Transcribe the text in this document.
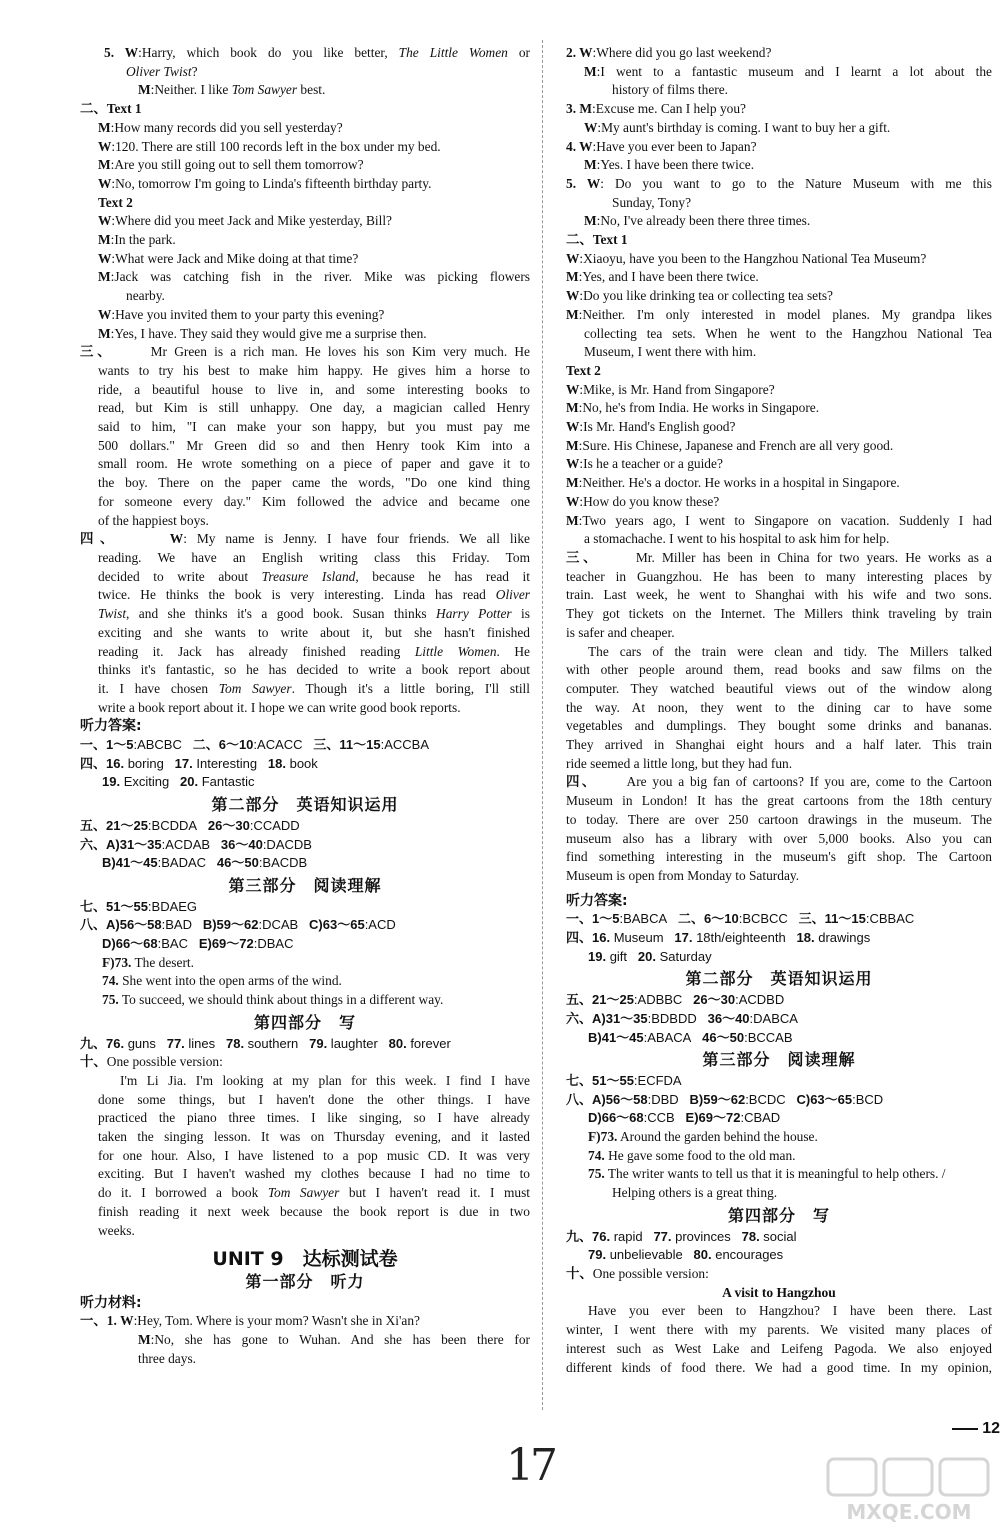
5. W:Harry, which book do you like better, The Little Women or
Oliver Twist?
M:Neither. I like Tom Sawyer best.
二、Text 1
M:How many records did you sell yesterday?
W:120. There are still 100 records left in the box under my bed.
M:Are you still going out to sell them tomorrow?
W:No, tomorrow I'm going to Linda's fifteenth birthday party.
Text 2
W:Where did you meet Jack and Mike yesterday, Bill?
M:In the park.
W:What were Jack and Mike doing at that time?
M:Jack was catching fish in the river. Mike was picking flowers
nearby.
W:Have you invited them to your party this evening?
M:Yes, I have. They said they would give me a surprise then.
三、     Mr Green is a rich man. He loves his son Kim very much. He
wants to try his best to make him happy. He gives him a horse to
ride, a beautiful house to live in, and some interesting books to
read, but Kim is still unhappy. One day, a magician called Henry
said to him, "I can make your son happy, but you must pay me
500 dollars." Mr Green did so and then Henry took Kim into a
small room. He wrote something on a piece of paper and gave it to
the boy. There on the paper came the words, "Do one kind thing
for someone every day." Kim followed the advice and became one
of the happiest boys.
四、	W: My name is Jenny. I have four friends. We all like
reading. We have an English writing class this Friday. Tom
decided to write about Treasure Island, because he has read it
twice. He thinks the book is very interesting. Linda has read Oliver
Twist, and she thinks it's a good book. Susan thinks Harry Potter is
exciting and she wants to write about it, but she hasn't finished
reading it. Jack has already finished reading Little Women. He
thinks it's fantastic, so he has decided to write a book report about
it. I have chosen Tom Sawyer. Though it's a little boring, I'll still
write a book report about it. I hope we can write good book reports.
听力答案:
一、1～5:ABCBC   二、6～10:ACACC   三、11～15:ACCBA
四、16. boring   17. Interesting   18. book
19. Exciting   20. Fantastic
第二部分　英语知识运用
五、21～25:BCDDA   26～30:CCADD
六、A)31～35:ACDAB   36～40:DACDB
B)41～45:BADAC   46～50:BACDB
第三部分　阅读理解
七、51～55:BDAEG
八、A)56～58:BAD   B)59～62:DCAB   C)63～65:ACD
D)66～68:BAC   E)69～72:DBAC
F)73. The desert.
74. She went into the open arms of the wind.
75. To succeed, we should think about things in a different way.
第四部分　写
九、76. guns   77. lines   78. southern   79. laughter   80. forever
十、One possible version:
I'm Li Jia. I'm looking at my plan for this week. I find I have
done some things, but I haven't done the other things. I have
practiced the piano three times. I like singing, so I have already
taken the singing lesson. It was on Thursday evening, and it lasted
for one hour. Also, I have listened to a pop music CD. It was very
exciting. But I haven't washed my clothes because I had no time to
do it. I borrowed a book Tom Sawyer but I haven't read it. I must
finish reading it next week because the book report is due in two
weeks.
UNIT 9　达标测试卷
第一部分　听力
听力材料:
一、1. W:Hey, Tom. Where is your mom? Wasn't she in Xi'an?
M:No, she has gone to Wuhan. And she has been there for
three days.
2. W:Where did you go last weekend?
M:I went to a fantastic museum and I learnt a lot about the
history of films there.
3. M:Excuse me. Can I help you?
W:My aunt's birthday is coming. I want to buy her a gift.
4. W:Have you ever been to Japan?
M:Yes. I have been there twice.
5. W: Do you want to go to the Nature Museum with me this
Sunday, Tony?
M:No, I've already been there three times.
二、Text 1
W:Xiaoyu, have you been to the Hangzhou National Tea Museum?
M:Yes, and I have been there twice.
W:Do you like drinking tea or collecting tea sets?
M:Neither. I'm only interested in model planes. My grandpa likes
collecting tea sets. When he went to the Hangzhou National Tea
Museum, I went there with him.
Text 2
W:Mike, is Mr. Hand from Singapore?
M:No, he's from India. He works in Singapore.
W:Is Mr. Hand's English good?
M:Sure. His Chinese, Japanese and French are all very good.
W:Is he a teacher or a guide?
M:Neither. He's a doctor. He works in a hospital in Singapore.
W:How do you know these?
M:Two years ago, I went to Singapore on vacation. Suddenly I had
a stomachache. I went to his hospital to ask him for help.
三、     Mr. Miller has been in China for two years. He works as a
teacher in Guangzhou. He has been to many interesting places by
train. Last week, he went to Shanghai with his wife and two sons.
They got tickets on the Internet. The Millers think traveling by train
is safer and cheaper.
The cars of the train were clean and tidy. The Millers talked
with other people around them, read books and saw films on the
computer. They watched beautiful views out of the window along
the way. At noon, they went to the dining car to have some
vegetables and dumplings. They bought some drinks and bananas.
They arrived in Shanghai eight hours and a half later. This train
ride seemed a little long, but they had fun.
四、     Are you a big fan of cartoons? If you are, come to the Cartoon
Museum in London! It has the great cartoons from the 18th century
to today. There are over 250 cartoon drawings in the museum. The
museum also has a library with over 5,000 books. Also you can
find something interesting in the museum's gift shop. The Cartoon
Museum is open from Monday to Saturday.
听力答案:
一、1～5:BABCA   二、6～10:BCBCC   三、11～15:CBBAC
四、16. Museum   17. 18th/eighteenth   18. drawings
19. gift   20. Saturday
第二部分　英语知识运用
五、21～25:ADBBC   26～30:ACDBD
六、A)31～35:BDBDD   36～40:DABCA
B)41～45:ABACA   46～50:BCCAB
第三部分　阅读理解
七、51～55:ECFDA
八、A)56～58:DBD   B)59～62:BCDC   C)63～65:BCD
D)66～68:CCB   E)69～72:CBAD
F)73. Around the garden behind the house.
74. He gave some food to the old man.
75. The writer wants to tell us that it is meaningful to help others. /
Helping others is a great thing.
第四部分　写
九、76. rapid   77. provinces   78. social
79. unbelievable   80. encourages
十、One possible version:
A visit to Hangzhou
Have you ever been to Hangzhou? I have been there. Last
winter, I went there with my parents. We visited many places of
interest such as West Lake and Leifeng Pagoda. We also enjoyed
different kinds of food there. We had a good time. In my opinion,
12
17
MXQE.COM
